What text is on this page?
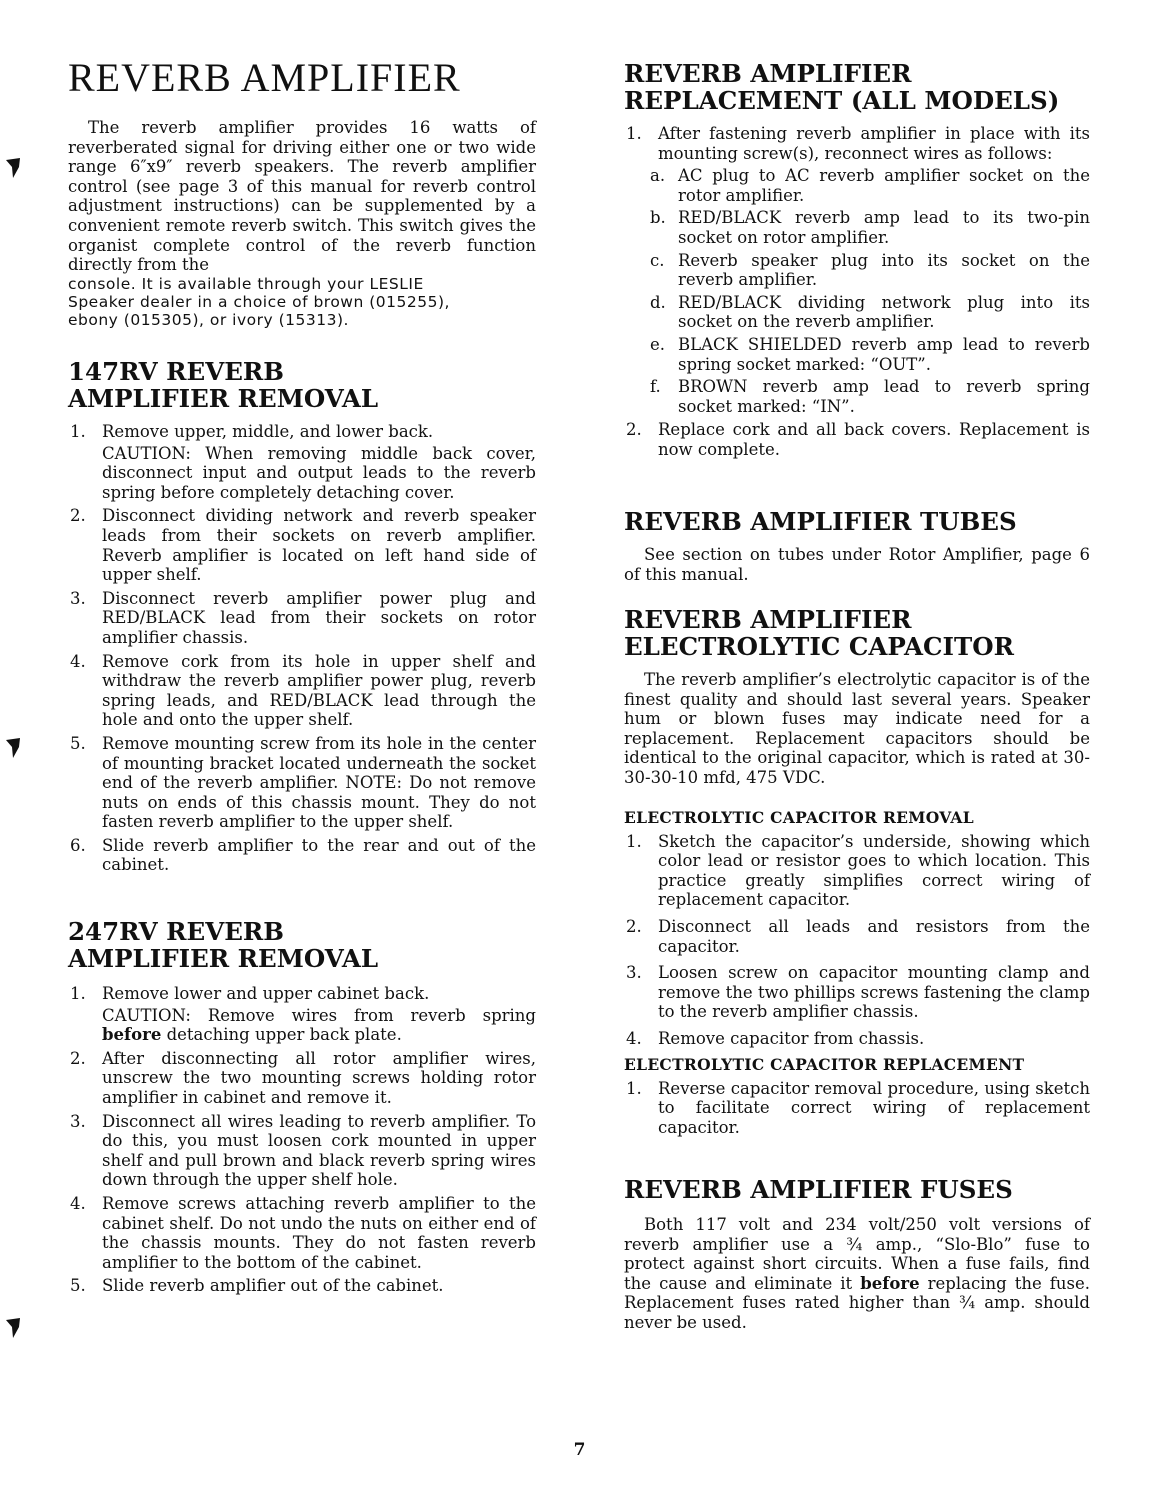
REVERB AMPLIFIER

The reverb amplifier provides 16 watts of reverberated signal for driving either one or two wide range 6″x9″ reverb speakers. The reverb amplifier control (see page 3 of this manual for reverb control adjustment instructions) can be supplemented by a convenient remote reverb switch. This switch gives the organist complete control of the reverb function directly from the

console. It is available through your LESLIE
Speaker dealer in a choice of brown (015255),
ebony (015305), or ivory (15313).
147RV REVERB
AMPLIFIER REMOVAL
1. Remove upper, middle, and lower back.
CAUTION: When removing middle back cover, disconnect input and output leads to the reverb spring before completely detaching cover.
2. Disconnect dividing network and reverb speaker leads from their sockets on reverb amplifier. Reverb amplifier is located on left hand side of upper shelf.
3. Disconnect reverb amplifier power plug and RED/BLACK lead from their sockets on rotor amplifier chassis.
4. Remove cork from its hole in upper shelf and withdraw the reverb amplifier power plug, reverb spring leads, and RED/BLACK lead through the hole and onto the upper shelf.
5. Remove mounting screw from its hole in the center of mounting bracket located underneath the socket end of the reverb amplifier. NOTE: Do not remove nuts on ends of this chassis mount. They do not fasten reverb amplifier to the upper shelf.
6. Slide reverb amplifier to the rear and out of the cabinet.
247RV REVERB
AMPLIFIER REMOVAL
1. Remove lower and upper cabinet back.
CAUTION: Remove wires from reverb spring before detaching upper back plate.
2. After disconnecting all rotor amplifier wires, unscrew the two mounting screws holding rotor amplifier in cabinet and remove it.
3. Disconnect all wires leading to reverb amplifier. To do this, you must loosen cork mounted in upper shelf and pull brown and black reverb spring wires down through the upper shelf hole.
4. Remove screws attaching reverb amplifier to the cabinet shelf. Do not undo the nuts on either end of the chassis mounts. They do not fasten reverb amplifier to the bottom of the cabinet.
5. Slide reverb amplifier out of the cabinet.
REVERB AMPLIFIER
REPLACEMENT (ALL MODELS)
1. After fastening reverb amplifier in place with its mounting screw(s), reconnect wires as follows:
a. AC plug to AC reverb amplifier socket on the rotor amplifier.
b. RED/BLACK reverb amp lead to its two-pin socket on rotor amplifier.
c. Reverb speaker plug into its socket on the reverb amplifier.
d. RED/BLACK dividing network plug into its socket on the reverb amplifier.
e. BLACK SHIELDED reverb amp lead to reverb spring socket marked: “OUT”.
f. BROWN reverb amp lead to reverb spring socket marked: “IN”.
2. Replace cork and all back covers. Replacement is now complete.
REVERB AMPLIFIER TUBES

See section on tubes under Rotor Amplifier, page 6 of this manual.

REVERB AMPLIFIER
ELECTROLYTIC CAPACITOR

The reverb amplifier’s electrolytic capacitor is of the finest quality and should last several years. Speaker hum or blown fuses may indicate need for a replacement. Replacement capacitors should be identical to the original capacitor, which is rated at 30-30-30-10 mfd, 475 VDC.

ELECTROLYTIC CAPACITOR REMOVAL
1. Sketch the capacitor’s underside, showing which color lead or resistor goes to which location. This practice greatly simplifies correct wiring of replacement capacitor.
2. Disconnect all leads and resistors from the capacitor.
3. Loosen screw on capacitor mounting clamp and remove the two phillips screws fastening the clamp to the reverb amplifier chassis.
4. Remove capacitor from chassis.
ELECTROLYTIC CAPACITOR REPLACEMENT
1. Reverse capacitor removal procedure, using sketch to facilitate correct wiring of replacement capacitor.
REVERB AMPLIFIER FUSES

Both 117 volt and 234 volt/250 volt versions of reverb amplifier use a ¾ amp., “Slo-Blo” fuse to protect against short circuits. When a fuse fails, find the cause and eliminate it before replacing the fuse. Replacement fuses rated higher than ¾ amp. should never be used.

7
